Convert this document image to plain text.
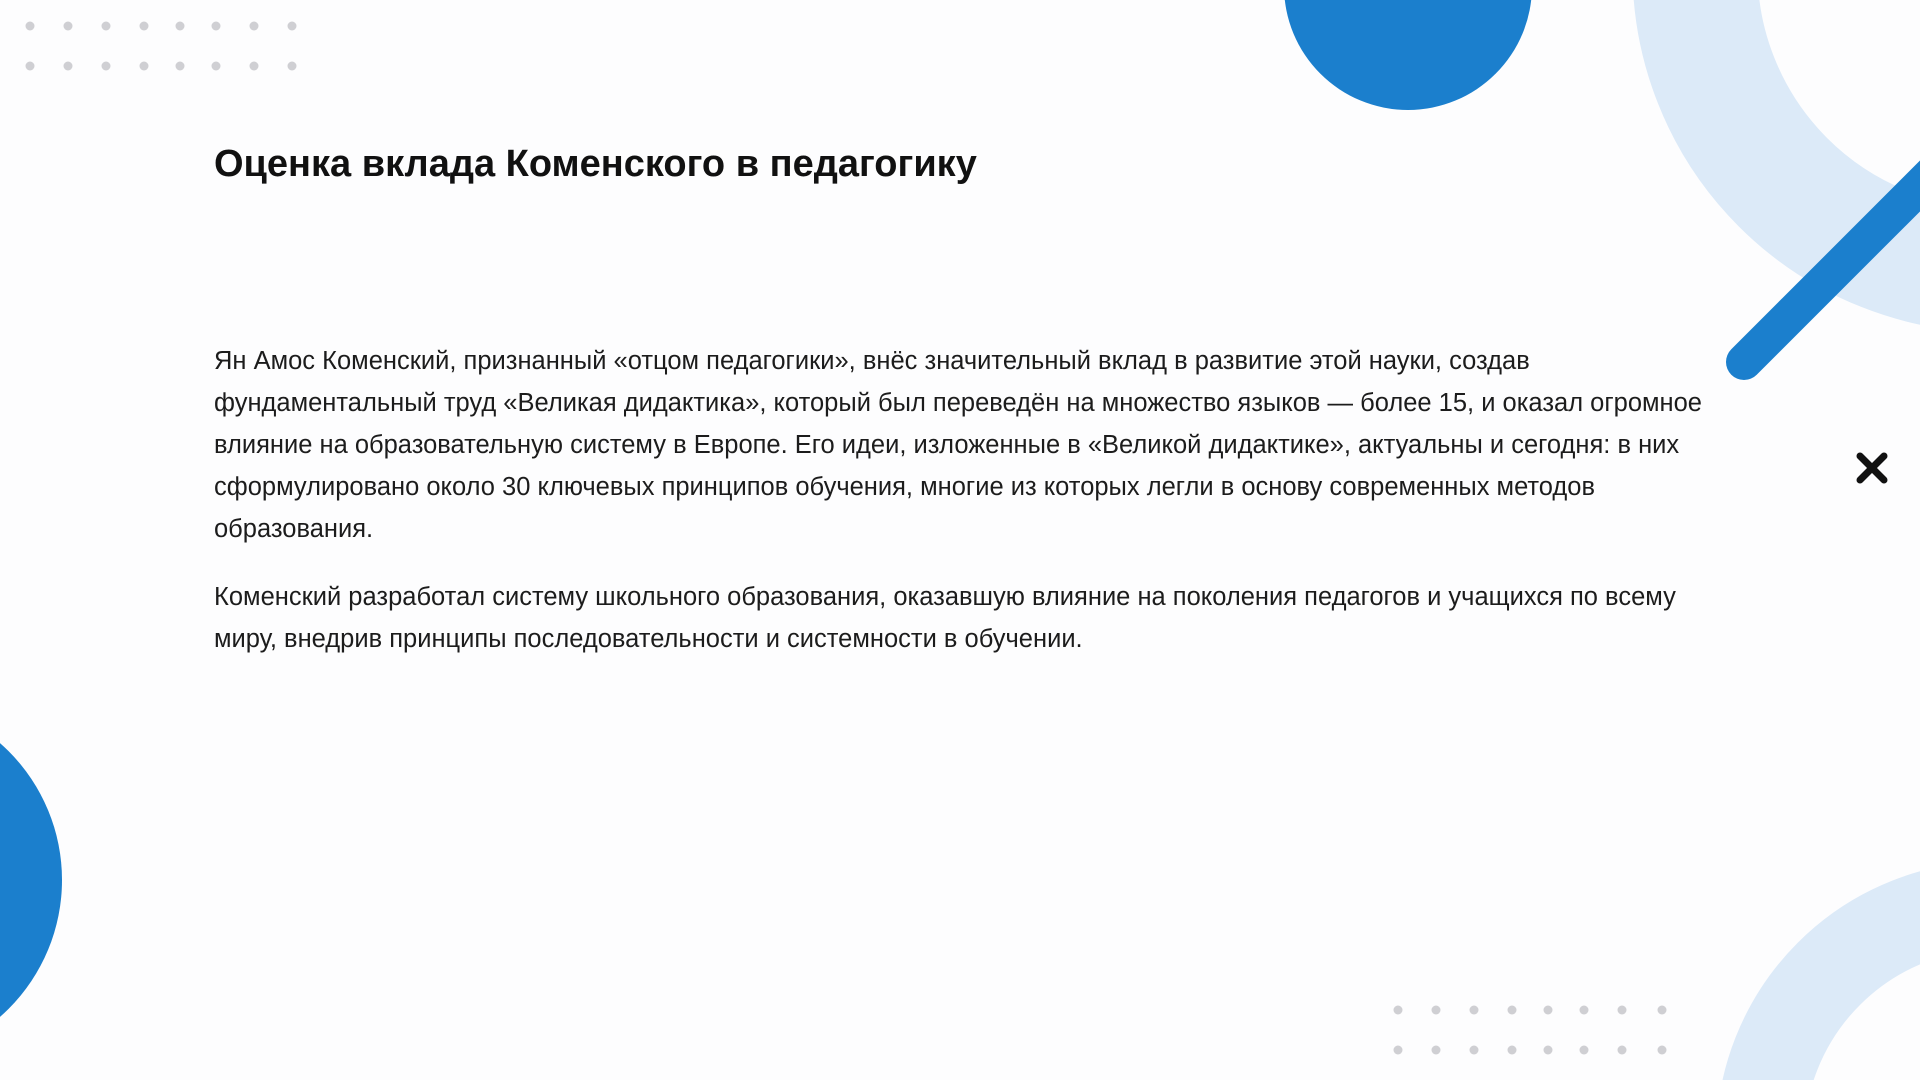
Оценка вклада Коменского в педагогику

Ян Амос Коменский, признанный «отцом педагогики», внёс значительный вклад в развитие этой науки, создав фундаментальный труд «Великая дидактика», который был переведён на множество языков — более 15, и оказал огромное влияние на образовательную систему в Европе. Его идеи, изложенные в «Великой дидактике», актуальны и сегодня: в них сформулировано около 30 ключевых принципов обучения, многие из которых легли в основу современных методов образования.

Коменский разработал систему школьного образования, оказавшую влияние на поколения педагогов и учащихся по всему миру, внедрив принципы последовательности и системности в обучении.
